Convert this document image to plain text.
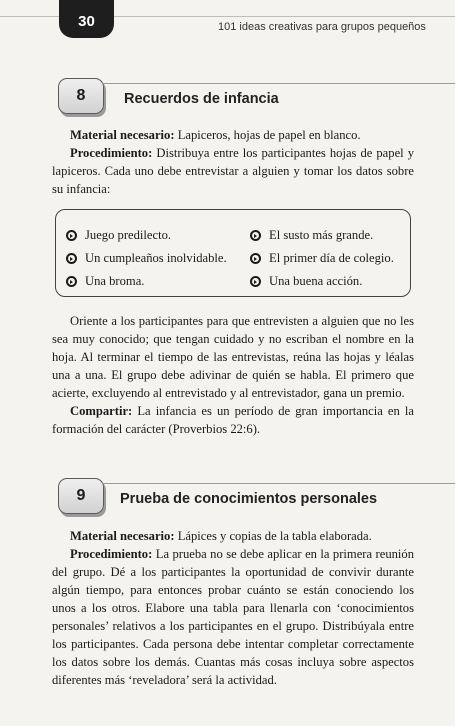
30	101 ideas creativas para grupos pequeños
8	Recuerdos de infancia

Material necesario: Lapiceros, hojas de papel en blanco.

Procedimiento: Distribuya entre los participantes hojas de papel y lapiceros. Cada uno debe entrevistar a alguien y tomar los datos sobre su infancia:

Juego predilecto.
Un cumpleaños inolvidable.
Una broma.
El susto más grande.
El primer día de colegio.
Una buena acción.

Oriente a los participantes para que entrevisten a alguien que no les sea muy conocido; que tengan cuidado y no escriban el nombre en la hoja. Al terminar el tiempo de las entrevistas, reúna las hojas y léalas una a una. El grupo debe adivinar de quién se habla. El primero que acierte, excluyendo al entrevistado y al entrevistador, gana un premio.

Compartir: La infancia es un período de gran importancia en la formación del carácter (Proverbios 22:6).

9 Prueba de conocimientos personales

Material necesario: Lápices y copias de la tabla elaborada.

Procedimiento: La prueba no se debe aplicar en la primera reunión del grupo. Dé a los participantes la oportunidad de convivir durante algún tiempo, para entonces probar cuánto se están conociendo los unos a los otros. Elabore una tabla para llenarla con ‘conocimientos personales’ relativos a los participantes en el grupo. Distribúyala entre los participantes. Cada persona debe intentar completar correctamente los datos sobre los demás. Cuantas más cosas incluya sobre aspectos diferentes más ‘reveladora’ será la actividad.
